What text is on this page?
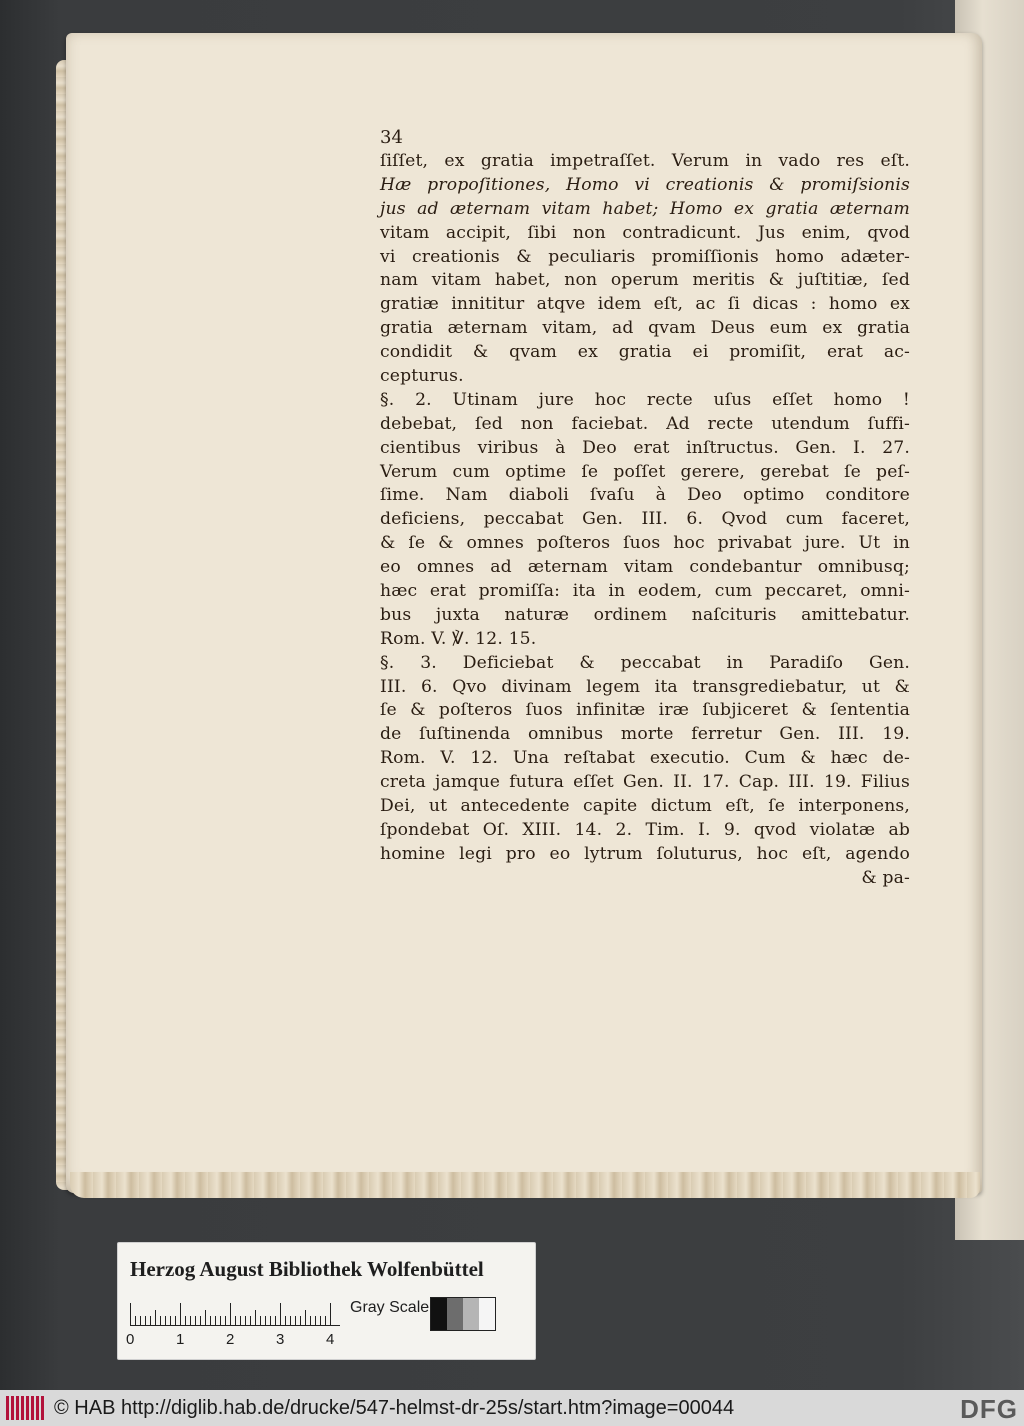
34
ſiſſet, ex gratia impetraſſet. Verum in vado res eſt.
Hæ propoſitiones, Homo vi creationis & promiſsionis
jus ad æternam vitam habet; Homo ex gratia æternam
vitam accipit, ſibi non contradicunt. Jus enim, qvod
vi creationis & peculiaris promiſſionis homo adæter-
nam vitam habet, non operum meritis & juſtitiæ, ſed
gratiæ innititur atqve idem eſt, ac ſi dicas : homo ex
gratia æternam vitam, ad qvam Deus eum ex gratia
condidit & qvam ex gratia ei promiſit, erat ac-
cepturus.
§. 2. Utinam jure hoc recte uſus eſſet homo !
debebat, ſed non faciebat. Ad recte utendum ſuffi-
cientibus viribus à Deo erat inſtructus. Gen. I. 27.
Verum cum optime ſe poſſet gerere, gerebat ſe peſ-
ſime. Nam diaboli ſvaſu à Deo optimo conditore
deficiens, peccabat Gen. III. 6. Qvod cum faceret,
& ſe & omnes poſteros ſuos hoc privabat jure. Ut in
eo omnes ad æternam vitam condebantur omnibusq;
hæc erat promiſſa: ita in eodem, cum peccaret, omni-
bus juxta naturæ ordinem naſcituris amittebatur.
Rom. V. ℣. 12. 15.
§. 3. Deficiebat & peccabat in Paradiſo Gen.
III. 6. Qvo divinam legem ita transgrediebatur, ut &
ſe & poſteros ſuos infinitæ iræ ſubjiceret & ſententia
de ſuſtinenda omnibus morte ferretur Gen. III. 19.
Rom. V. 12. Una reſtabat executio. Cum & hæc de-
creta jamque futura eſſet Gen. II. 17. Cap. III. 19. Filius
Dei, ut antecedente capite dictum eſt, ſe interponens,
ſpondebat Oſ. XIII. 14. 2. Tim. I. 9. qvod violatæ ab
homine legi pro eo lytrum ſoluturus, hoc eſt, agendo
& pa-
Herzog August Bibliothek Wolfenbüttel
0	1	2	3	4
Gray Scale
© HAB http://diglib.hab.de/drucke/547-helmst-dr-25s/start.htm?image=00044	DFG
